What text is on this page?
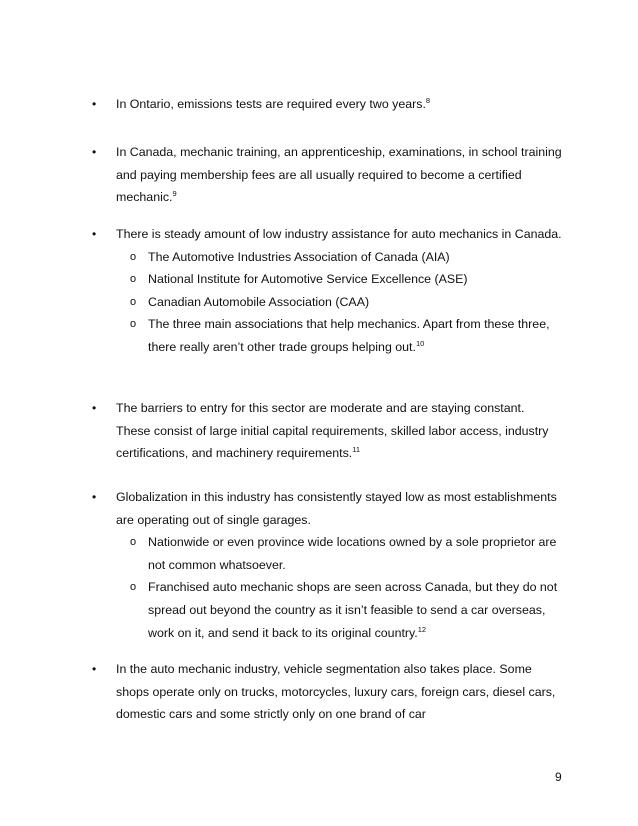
•
In Ontario, emissions tests are required every two years.$^8$
•
In Canada, mechanic training, an apprenticeship, examinations, in school training and paying membership fees are all usually required to become a certified mechanic.$^9$
•
There is steady amount of low industry assistance for auto mechanics in Canada.
o The Automotive Industries Association of Canada (AIA)
o National Institute for Automotive Service Excellence (ASE)
o Canadian Automobile Association (CAA)
o The three main associations that help mechanics. Apart from these three, there really aren’t other trade groups helping out.$^{10}$
•
The barriers to entry for this sector are moderate and are staying constant. These consist of large initial capital requirements, skilled labor access, industry certifications, and machinery requirements.$^{11}$
•
Globalization in this industry has consistently stayed low as most establishments are operating out of single garages.
o Nationwide or even province wide locations owned by a sole proprietor are not common whatsoever.
o Franchised auto mechanic shops are seen across Canada, but they do not spread out beyond the country as it isn’t feasible to send a car overseas, work on it, and send it back to its original country.$^{12}$
•
In the auto mechanic industry, vehicle segmentation also takes place. Some shops operate only on trucks, motorcycles, luxury cars, foreign cars, diesel cars, domestic cars and some strictly only on one brand of car
9
